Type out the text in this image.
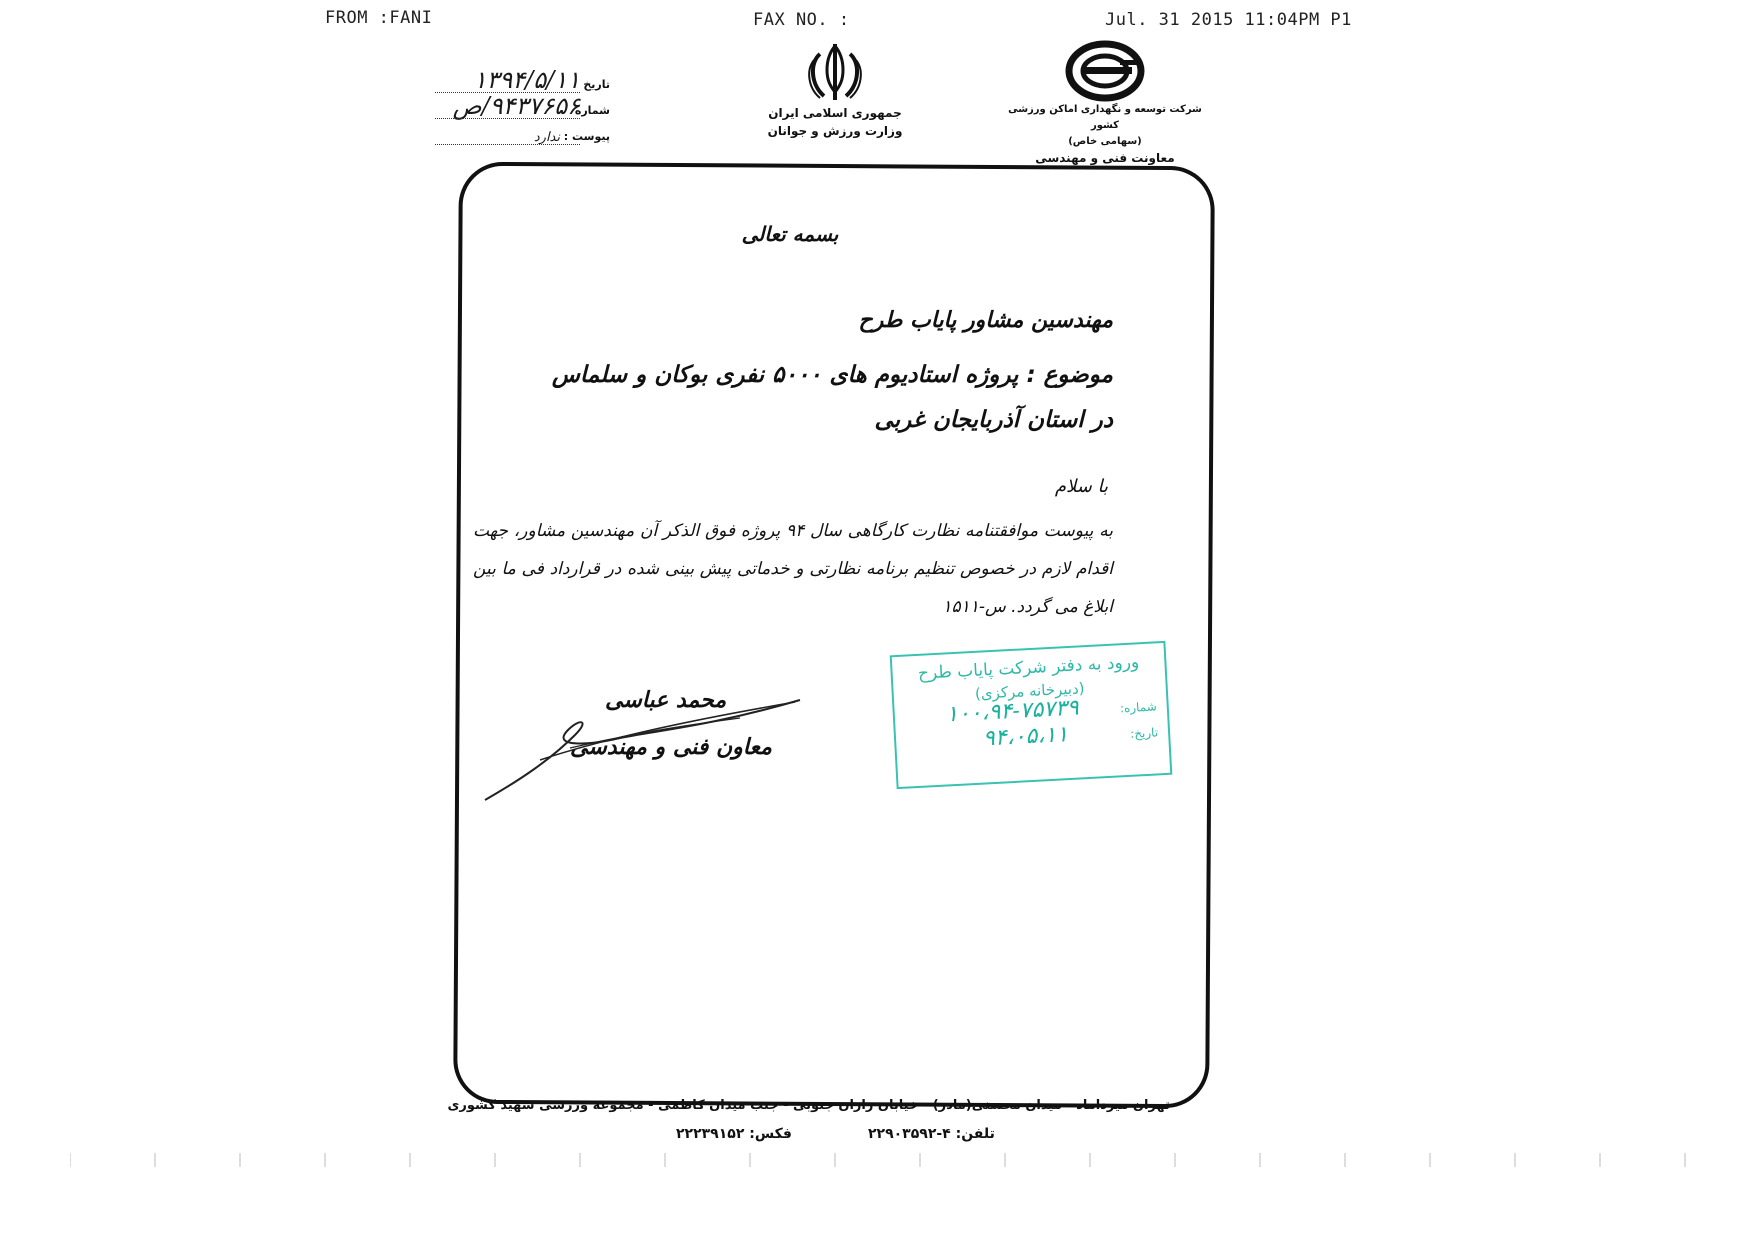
FROM :FANI	FAX NO. :	Jul. 31 2015 11:04PM P1
جمهوری اسلامی ایران
وزارت ورزش و جوانان
شرکت توسعه و نگهداری اماکن ورزشی کشور
(سهامی خاص)
معاونت فنی و مهندسی
تاریخ
۱۳۹۴/۵/۱۱
شماره
۹۴۳۷۶۵۶/ص
پیوست :
ندارد
بسمه تعالی
مهندسین مشاور پایاب طرح
موضوع : پروژه استادیوم های ۵۰۰۰ نفری بوکان و سلماس
در استان آذربایجان غربی
با سلام
به پیوست موافقتنامه نظارت کارگاهی سال ۹۴ پروژه فوق الذکر آن مهندسین مشاور، جهت اقدام لازم در خصوص تنظیم برنامه نظارتی و خدماتی پیش بینی شده در قرارداد فی ما بین ابلاغ می گردد. س-۱۵۱۱
محمد عباسی
معاون فنی و مهندسی
ورود به دفتر شرکت پایاب طرح
(دبیرخانه مرکزی)
شماره:
۱۰۰،۹۴-۷۵۷۳۹
تاریخ:
۹۴،۰۵،۱۱
تهران میرداماد - میدان محسنی(مادر) - خیابان رازان جنوبی - جنب میدان کاظمی - مجموعه ورزشی شهید کشوری
تلفن: ۴-۲۲۹۰۳۵۹۲
فکس: ۲۲۲۳۹۱۵۲
